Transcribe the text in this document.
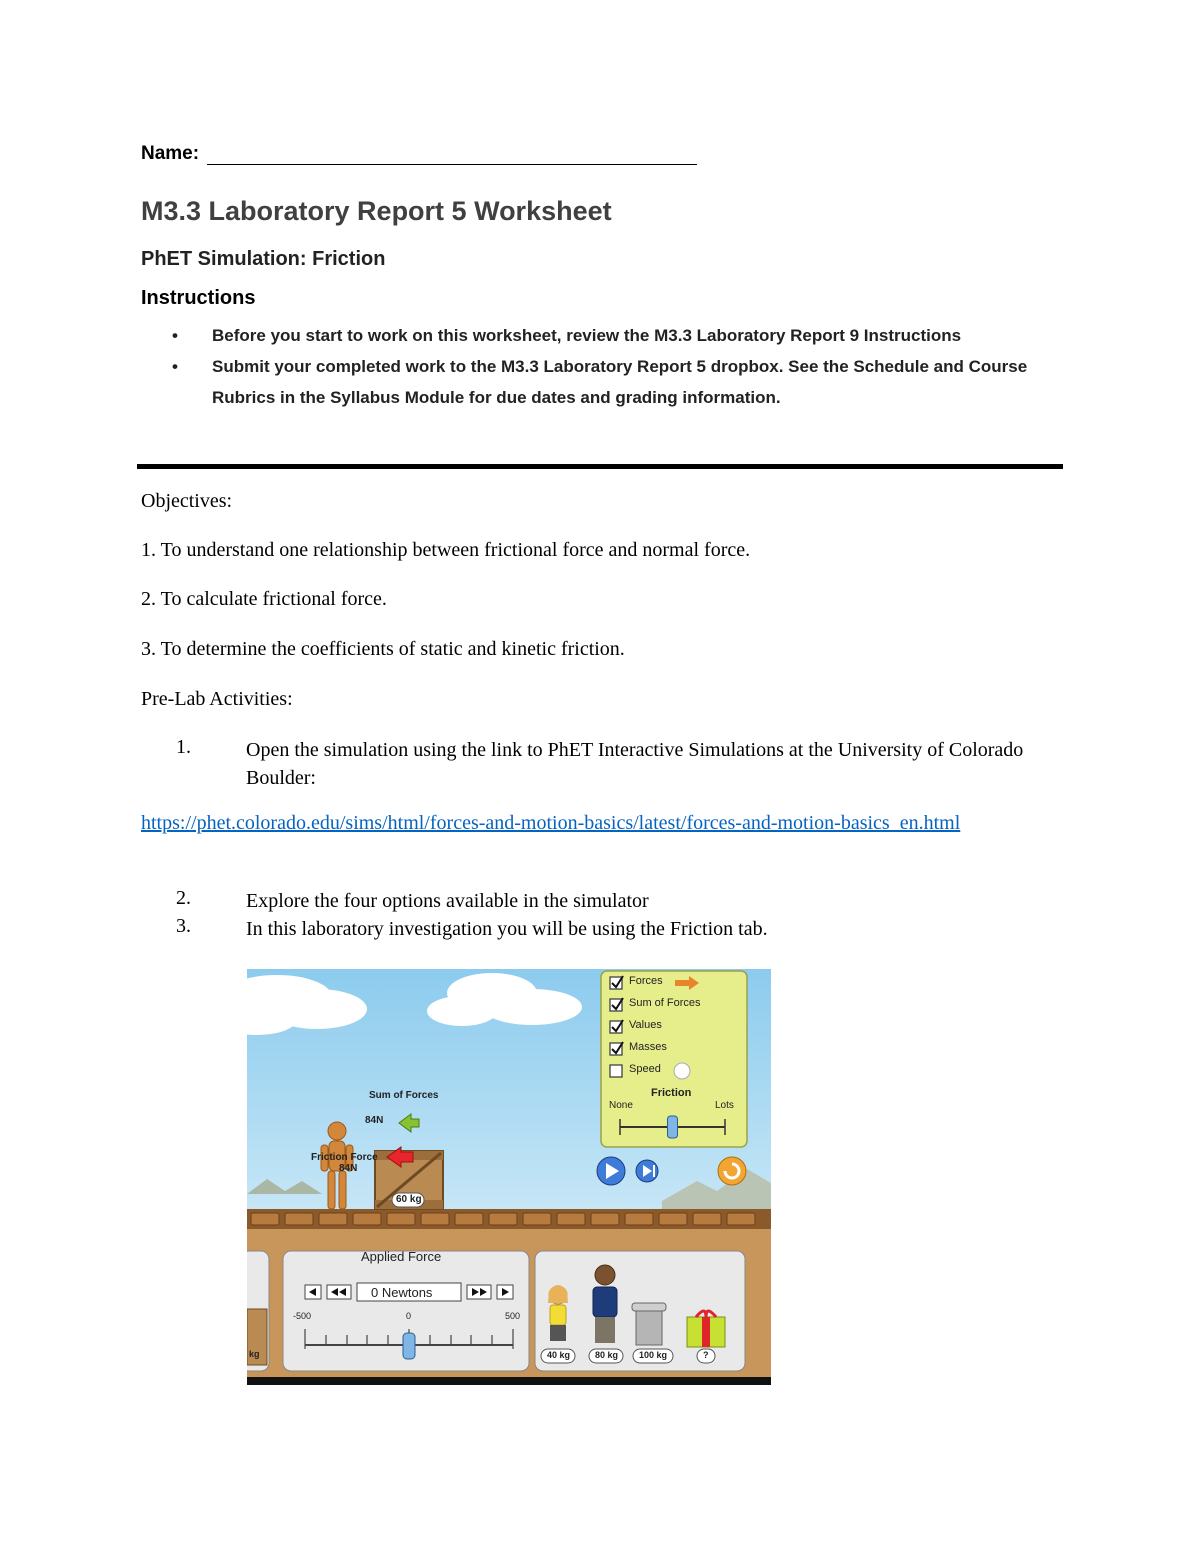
Name:
M3.3 Laboratory Report 5 Worksheet
PhET Simulation: Friction
Instructions
• Before you start to work on this worksheet, review the M3.3 Laboratory Report 9 Instructions
• Submit your completed work to the M3.3 Laboratory Report 5 dropbox. See the Schedule and Course Rubrics in the Syllabus Module for due dates and grading information.
Objectives:
1. To understand one relationship between frictional force and normal force.
2. To calculate frictional force.
3. To determine the coefficients of static and kinetic friction.
Pre-Lab Activities:
1.	Open the simulation using the link to PhET Interactive Simulations at the University of Colorado Boulder:
https://phet.colorado.edu/sims/html/forces-and-motion-basics/latest/forces-and-motion-basics_en.html
2.	Explore the four options available in the simulator
3.	In this laboratory investigation you will be using the Friction tab.
Forces
Sum of Forces
Values
Masses
Speed
Friction
None	Lots
Sum of Forces
84N
Friction Force
84N
60 kg
Applied Force
0 Newtons
-500	0	500
kg	40 kg	80 kg 100 kg	?
